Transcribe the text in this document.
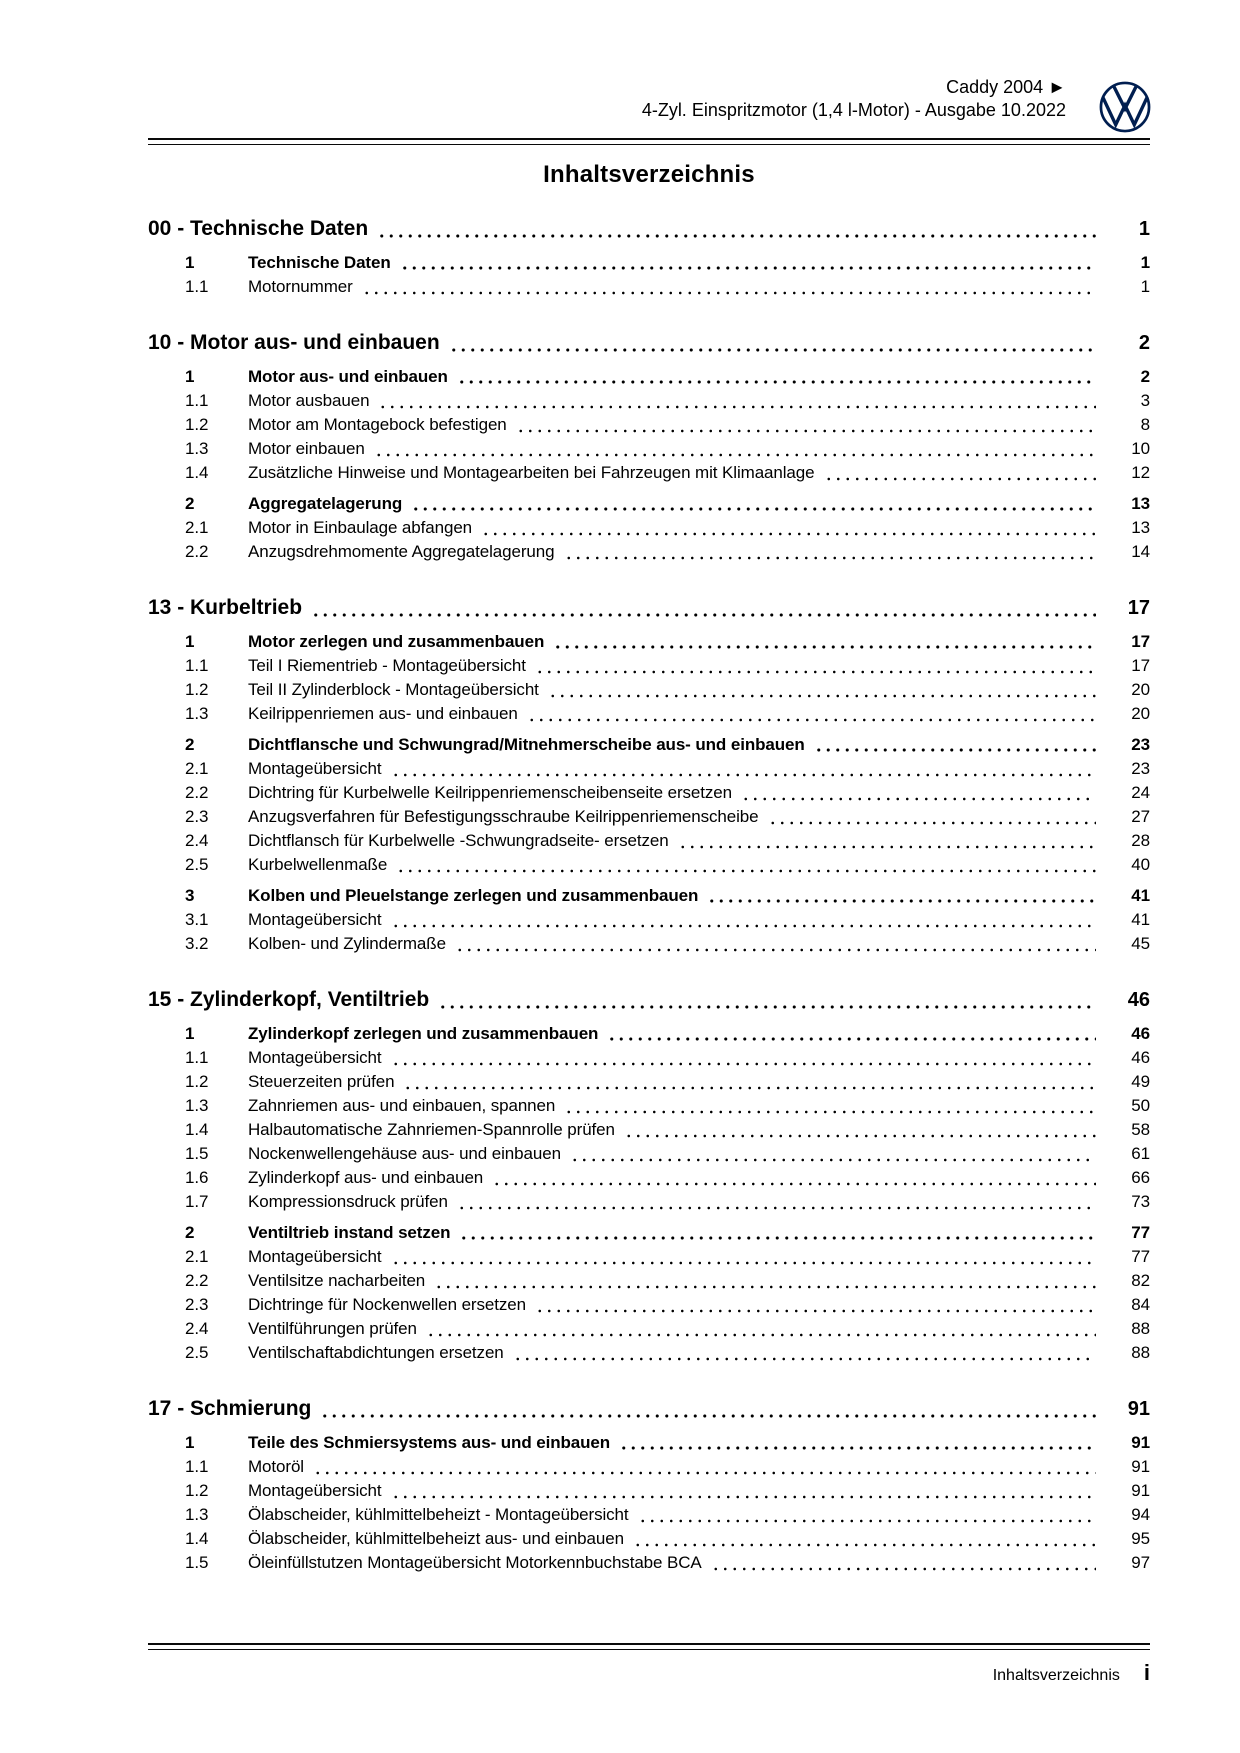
Caddy 2004 ►
4-Zyl. Einspritzmotor (1,4 l-Motor) - Ausgabe 10.2022
Inhaltsverzeichnis
00 - Technische Daten	1
1	Technische Daten	1
1.1	Motornummer	1
10 - Motor aus- und einbauen	2
1	Motor aus- und einbauen	2
1.1	Motor ausbauen	3
1.2	Motor am Montagebock befestigen	8
1.3	Motor einbauen	10
1.4	Zusätzliche Hinweise und Montagearbeiten bei Fahrzeugen mit Klimaanlage	12
2	Aggregatelagerung	13
2.1	Motor in Einbaulage abfangen	13
2.2	Anzugsdrehmomente Aggregatelagerung	14
13 - Kurbeltrieb	17
1	Motor zerlegen und zusammenbauen	17
1.1	Teil I Riementrieb - Montageübersicht	17
1.2	Teil II Zylinderblock - Montageübersicht	20
1.3	Keilrippenriemen aus- und einbauen	20
2	Dichtflansche und Schwungrad/Mitnehmerscheibe aus- und einbauen	23
2.1	Montageübersicht	23
2.2	Dichtring für Kurbelwelle Keilrippenriemenscheibenseite ersetzen	24
2.3	Anzugsverfahren für Befestigungsschraube Keilrippenriemenscheibe	27
2.4	Dichtflansch für Kurbelwelle -Schwungradseite- ersetzen	28
2.5	Kurbelwellenmaße	40
3	Kolben und Pleuelstange zerlegen und zusammenbauen	41
3.1	Montageübersicht	41
3.2	Kolben- und Zylindermaße	45
15 - Zylinderkopf, Ventiltrieb	46
1	Zylinderkopf zerlegen und zusammenbauen	46
1.1	Montageübersicht	46
1.2	Steuerzeiten prüfen	49
1.3	Zahnriemen aus- und einbauen, spannen	50
1.4	Halbautomatische Zahnriemen-Spannrolle prüfen	58
1.5	Nockenwellengehäuse aus- und einbauen	61
1.6	Zylinderkopf aus- und einbauen	66
1.7	Kompressionsdruck prüfen	73
2	Ventiltrieb instand setzen	77
2.1	Montageübersicht	77
2.2	Ventilsitze nacharbeiten	82
2.3	Dichtringe für Nockenwellen ersetzen	84
2.4	Ventilführungen prüfen	88
2.5	Ventilschaftabdichtungen ersetzen	88
17 - Schmierung	91
1	Teile des Schmiersystems aus- und einbauen	91
1.1	Motoröl	91
1.2	Montageübersicht	91
1.3	Ölabscheider, kühlmittelbeheizt - Montageübersicht	94
1.4	Ölabscheider, kühlmittelbeheizt aus- und einbauen	95
1.5	Öleinfüllstutzen Montageübersicht Motorkennbuchstabe BCA	97
Inhaltsverzeichnis i
